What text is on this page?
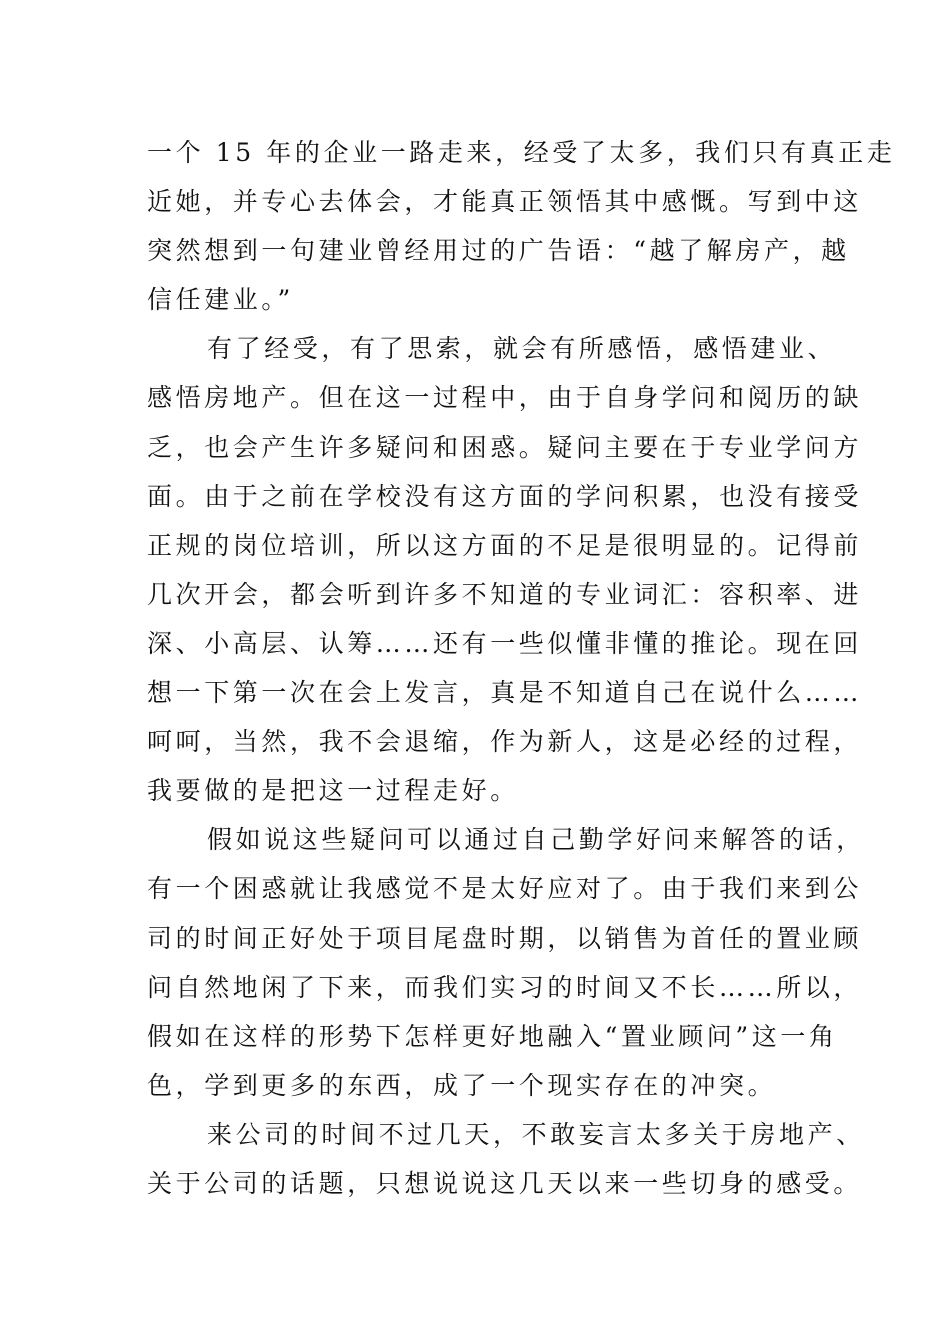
一个 15 年的企业一路走来，经受了太多，我们只有真正走
近她，并专心去体会，才能真正领悟其中感慨。写到中这
突然想到一句建业曾经用过的广告语：“越了解房产，越
信任建业。”
有了经受，有了思索，就会有所感悟，感悟建业、
感悟房地产。但在这一过程中，由于自身学问和阅历的缺
乏，也会产生许多疑问和困惑。疑问主要在于专业学问方
面。由于之前在学校没有这方面的学问积累，也没有接受
正规的岗位培训，所以这方面的不足是很明显的。记得前
几次开会，都会听到许多不知道的专业词汇：容积率、进
深、小高层、认筹……还有一些似懂非懂的推论。现在回
想一下第一次在会上发言，真是不知道自己在说什么……
呵呵，当然，我不会退缩，作为新人，这是必经的过程，
我要做的是把这一过程走好。
假如说这些疑问可以通过自己勤学好问来解答的话，
有一个困惑就让我感觉不是太好应对了。由于我们来到公
司的时间正好处于项目尾盘时期，以销售为首任的置业顾
问自然地闲了下来，而我们实习的时间又不长……所以，
假如在这样的形势下怎样更好地融入“置业顾问”这一角
色，学到更多的东西，成了一个现实存在的冲突。
来公司的时间不过几天，不敢妄言太多关于房地产、
关于公司的话题，只想说说这几天以来一些切身的感受。
